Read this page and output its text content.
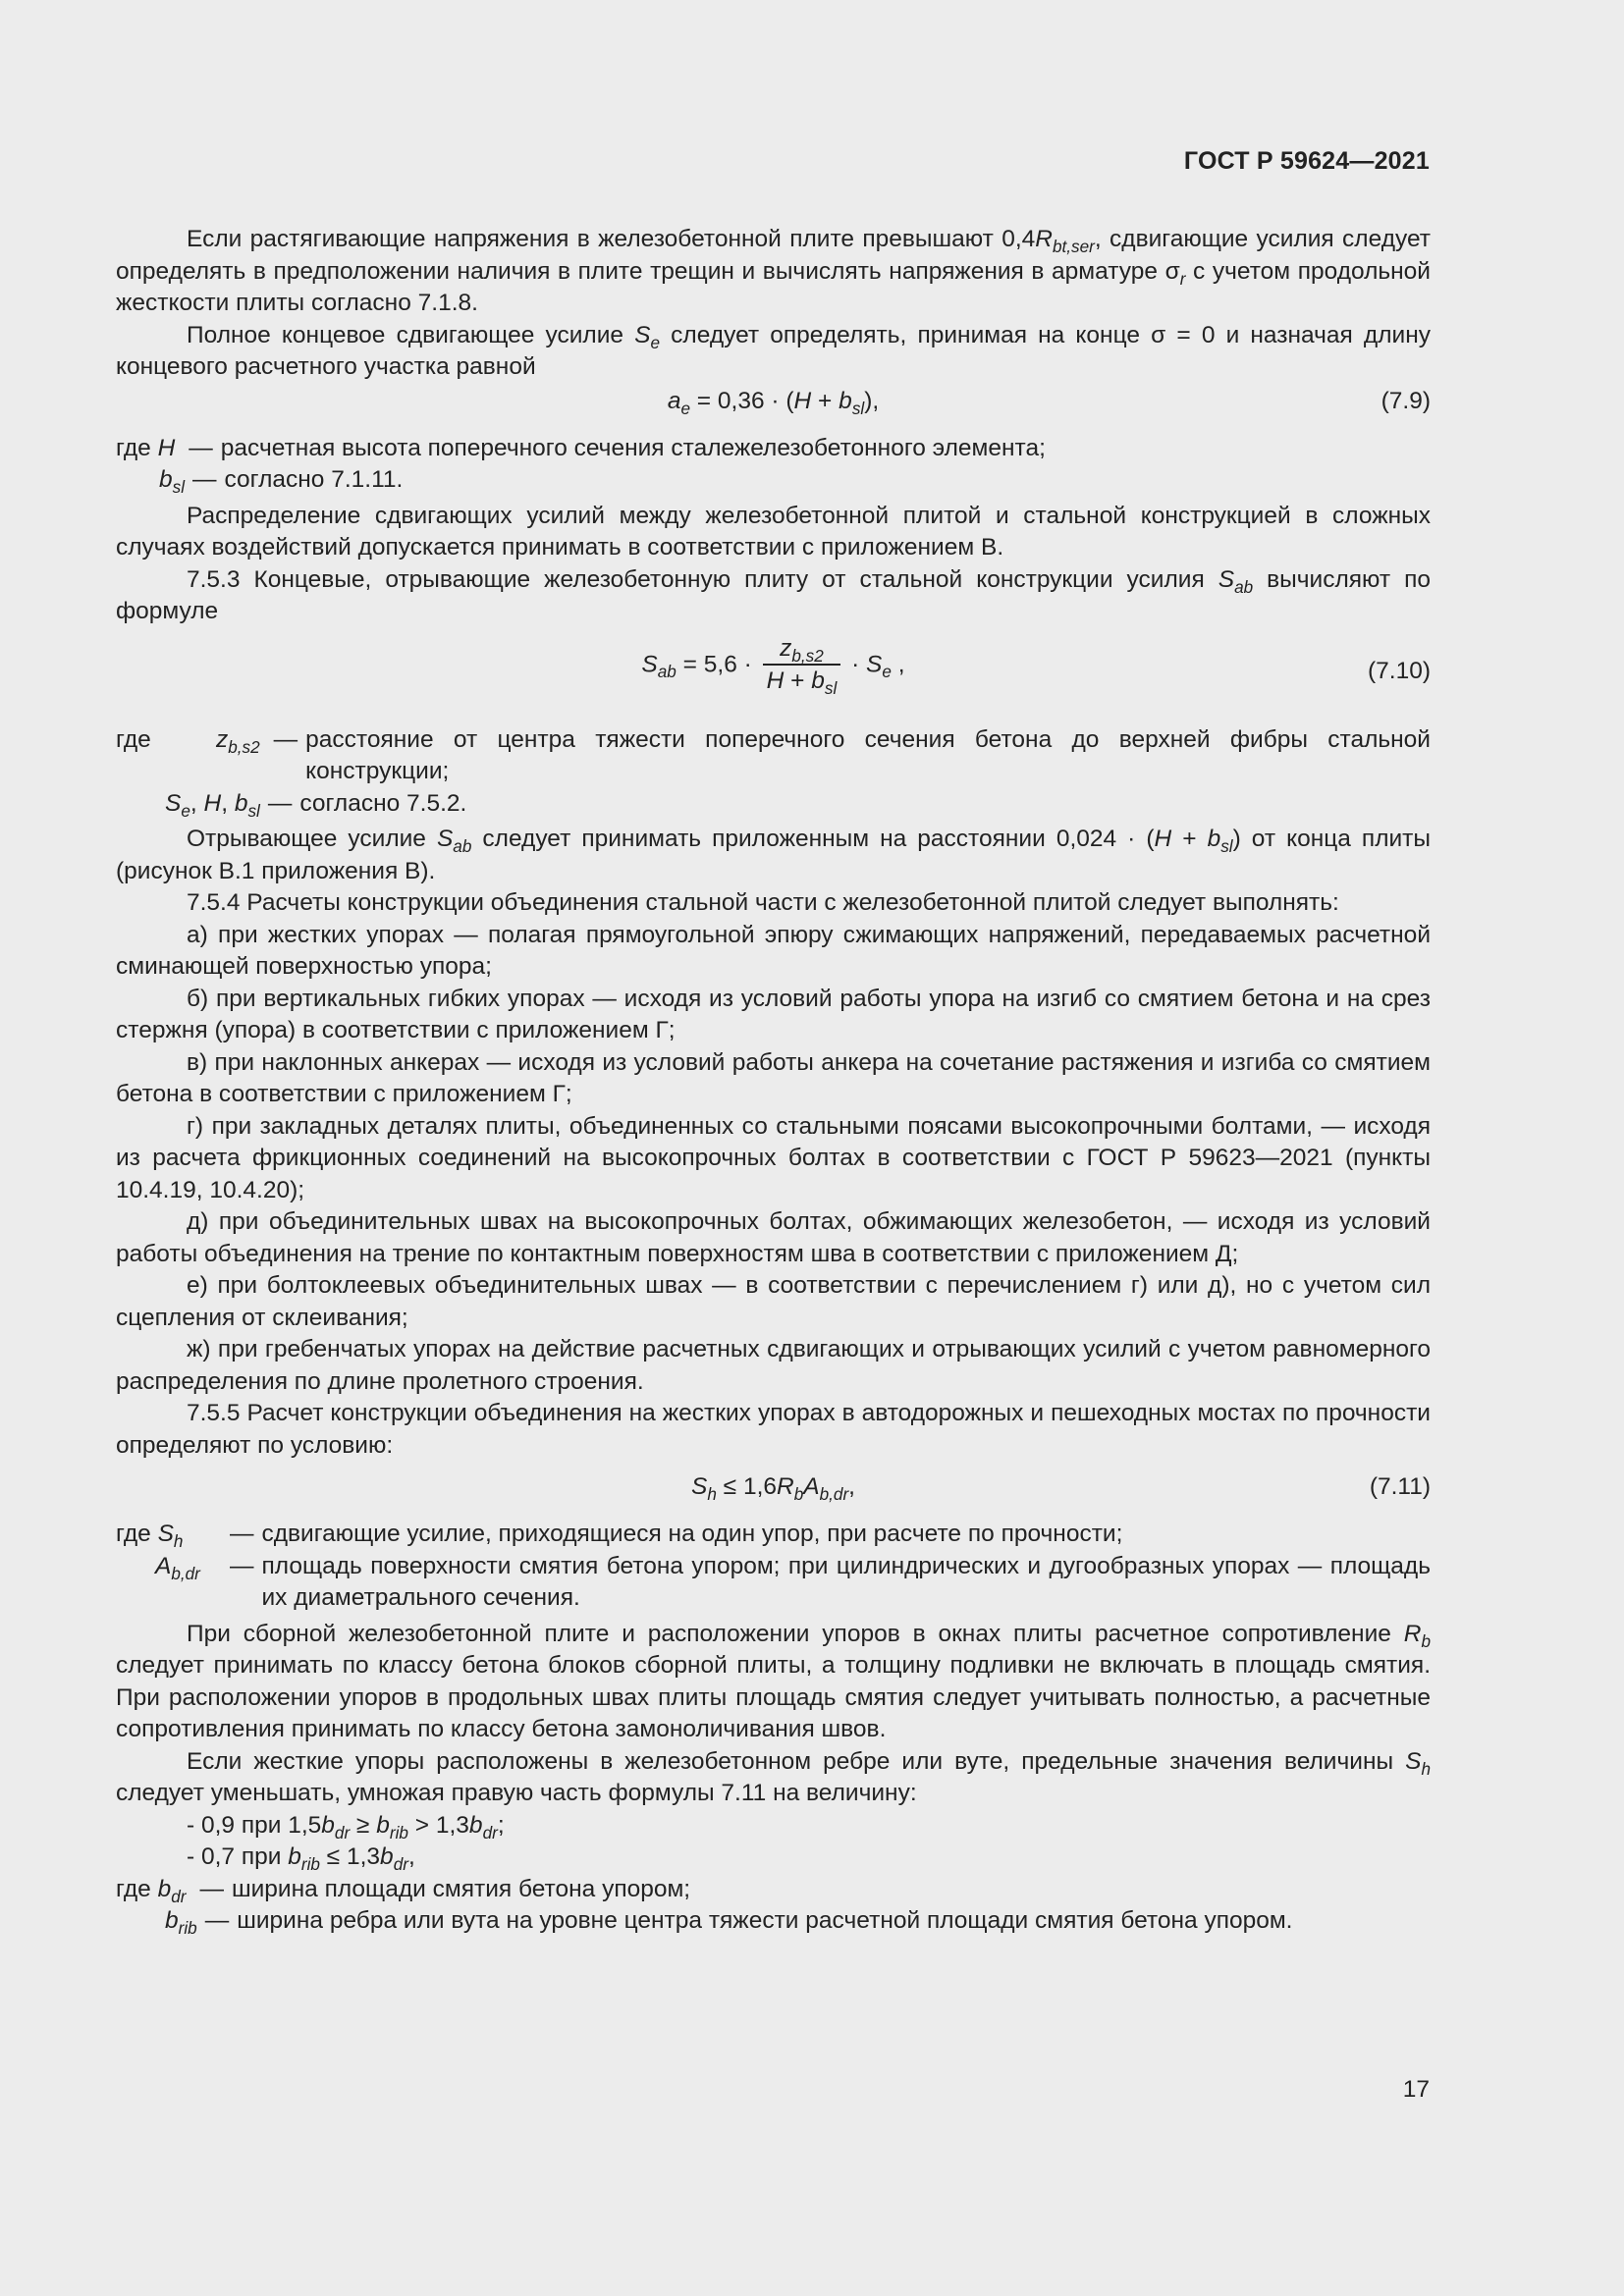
ГОСТ Р 59624—2021

Если растягивающие напряжения в железобетонной плите превышают $0,4R_{bt,ser}$, сдвигающие усилия следует определять в предположении наличия в плите трещин и вычислять напряжения в арматуре $\sigma_r$ с учетом продольной жесткости плиты согласно 7.1.8.

Полное концевое сдвигающее усилие $S_e$ следует определять, принимая на конце σ = 0 и назначая длину концевого расчетного участка равной

$a_e = 0,36 \cdot (H + b_{sl})$,	(7.9)
где H — расчетная высота поперечного сечения сталежелезобетонного элемента;
$b_{sl}$ — согласно 7.1.11.

Распределение сдвигающих усилий между железобетонной плитой и стальной конструкцией в сложных случаях воздействий допускается принимать в соответствии с приложением В.

7.5.3 Концевые, отрывающие железобетонную плиту от стальной конструкции усилия $S_{ab}$ вычисляют по формуле

$S_{ab} = 5,6 \cdot \frac{z_{b,s2}}{H + b_{sl}} \cdot S_e$ ,	(7.10)
где	$z_{b,s2}$ — расстояние от центра тяжести поперечного сечения бетона до верхней фибры стальной конструкции;
$S_e$, H, $b_{sl}$ — согласно 7.5.2.

Отрывающее усилие $S_{ab}$ следует принимать приложенным на расстоянии $0,024 \cdot (H + b_{sl})$ от конца плиты (рисунок В.1 приложения В).

7.5.4 Расчеты конструкции объединения стальной части с железобетонной плитой следует выполнять:

а) при жестких упорах — полагая прямоугольной эпюру сжимающих напряжений, передаваемых расчетной сминающей поверхностью упора;

б) при вертикальных гибких упорах — исходя из условий работы упора на изгиб со смятием бетона и на срез стержня (упора) в соответствии с приложением Г;

в) при наклонных анкерах — исходя из условий работы анкера на сочетание растяжения и изгиба со смятием бетона в соответствии с приложением Г;

г) при закладных деталях плиты, объединенных со стальными поясами высокопрочными болтами, — исходя из расчета фрикционных соединений на высокопрочных болтах в соответствии с ГОСТ Р 59623—2021 (пункты 10.4.19, 10.4.20);

д) при объединительных швах на высокопрочных болтах, обжимающих железобетон, — исходя из условий работы объединения на трение по контактным поверхностям шва в соответствии с приложением Д;

е) при болтоклеевых объединительных швах — в соответствии с перечислением г) или д), но с учетом сил сцепления от склеивания;

ж) при гребенчатых упорах на действие расчетных сдвигающих и отрывающих усилий с учетом равномерного распределения по длине пролетного строения.

7.5.5 Расчет конструкции объединения на жестких упорах в автодорожных и пешеходных мостах по прочности определяют по условию:

$S_h \le 1,6R_bA_{b,dr}$,	(7.11)
где $S_h$	— сдвигающие усилие, приходящиеся на один упор, при расчете по прочности;
$A_{b,dr}$	— площадь поверхности смятия бетона упором; при цилиндрических и дугообразных упорах — площадь их диаметрального сечения.

При сборной железобетонной плите и расположении упоров в окнах плиты расчетное сопротивление $R_b$ следует принимать по классу бетона блоков сборной плиты, а толщину подливки не включать в площадь смятия. При расположении упоров в продольных швах плиты площадь смятия следует учитывать полностью, а расчетные сопротивления принимать по классу бетона замоноличивания швов.

Если жесткие упоры расположены в железобетонном ребре или вуте, предельные значения величины $S_h$ следует уменьшать, умножая правую часть формулы 7.11 на величину:

- 0,9 при $1,5b_{dr} \ge b_{rib} > 1,3b_{dr}$;

- 0,7 при $b_{rib} \le 1,3b_{dr}$,

где $b_{dr}$ — ширина площади смятия бетона упором;
$b_{rib}$ — ширина ребра или вута на уровне центра тяжести расчетной площади смятия бетона упором.
17
